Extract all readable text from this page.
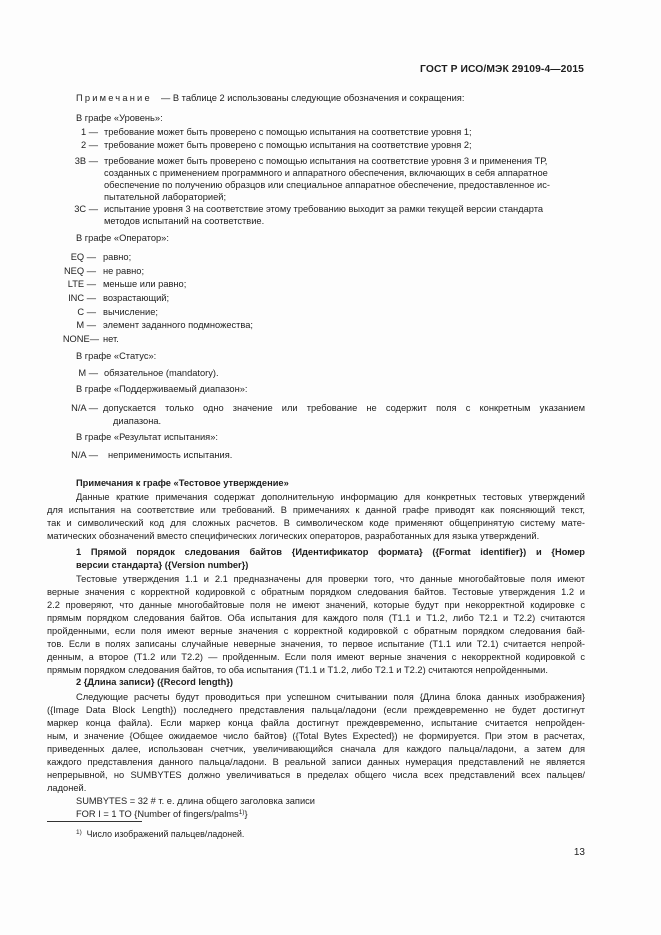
ГОСТ Р ИСО/МЭК 29109-4—2015
Примечание — В таблице 2 использованы следующие обозначения и сокращения:
В графе «Уровень»:
1 — требование может быть проверено с помощью испытания на соответствие уровня 1;
2 — требование может быть проверено с помощью испытания на соответствие уровня 2;
3B — требование может быть проверено с помощью испытания на соответствие уровня 3 и применения ТР,
созданных с применением программного и аппаратного обеспечения, включающих в себя аппаратное
обеспечение по получению образцов или специальное аппаратное обеспечение, предоставленное ис-
пытательной лабораторией;
3C — испытание уровня 3 на соответствие этому требованию выходит за рамки текущей версии стандарта
методов испытаний на соответствие.
В графе «Оператор»:
EQ — равно;
NEQ — не равно;
LTE — меньше или равно;
INC — возрастающий;
C — вычисление;
M — элемент заданного подмножества;
NONE— нет.
В графе «Статус»:
M — обязательное (mandatory).
В графе «Поддерживаемый диапазон»:
N/A — допускается только одно значение или требование не содержит поля с конкретным указанием
диапазона.
В графе «Результат испытания»:
N/A — неприменимость испытания.
Примечания к графе «Тестовое утверждение»
Данные краткие примечания содержат дополнительную информацию для конкретных тестовых утверждений
для испытания на соответствие или требований. В примечаниях к данной графе приводят как поясняющий текст,
так и символический код для сложных расчетов. В символическом коде применяют общепринятую систему мате-
матических обозначений вместо специфических логических операторов, разработанных для языка утверждений.
1 Прямой порядок следования байтов {Идентификатор формата} ({Format identifier}) и {Номер
версии стандарта} ({Version number})
Тестовые утверждения 1.1 и 2.1 предназначены для проверки того, что данные многобайтовые поля имеют
верные значения с корректной кодировкой с обратным порядком следования байтов. Тестовые утверждения 1.2 и
2.2 проверяют, что данные многобайтовые поля не имеют значений, которые будут при некорректной кодировке с
прямым порядком следования байтов. Оба испытания для каждого поля (Т1.1 и Т1.2, либо Т2.1 и Т2.2) считаются
пройденными, если поля имеют верные значения с корректной кодировкой с обратным порядком следования бай-
тов. Если в полях записаны случайные неверные значения, то первое испытание (Т1.1 или Т2.1) считается непрой-
денным, а второе (Т1.2 или Т2.2) — пройденным. Если поля имеют верные значения с некорректной кодировкой с
прямым порядком следования байтов, то оба испытания (Т1.1 и Т1.2, либо Т2.1 и Т2.2) считаются непройденными.
2 {Длина записи} ({Record length})
Следующие расчеты будут проводиться при успешном считывании поля {Длина блока данных изображения}
({Image Data Block Length}) последнего представления пальца/ладони (если преждевременно не будет достигнут
маркер конца файла). Если маркер конца файла достигнут преждевременно, испытание считается непройден-
ным, и значение {Общее ожидаемое число байтов} ({Total Bytes Expected}) не формируется. При этом в расчетах,
приведенных далее, использован счетчик, увеличивающийся сначала для каждого пальца/ладони, а затем для
каждого представления данного пальца/ладони. В реальной записи данных нумерация представлений не является
непрерывной, но SUMBYTES должно увеличиваться в пределах общего числа всех представлений всех пальцев/
ладоней.
SUMBYTES = 32 # т. е. длина общего заголовка записи
FOR I = 1 TO {Number of fingers/palms$^{1)}$}
$^{1)}$ Число изображений пальцев/ладоней.
13
